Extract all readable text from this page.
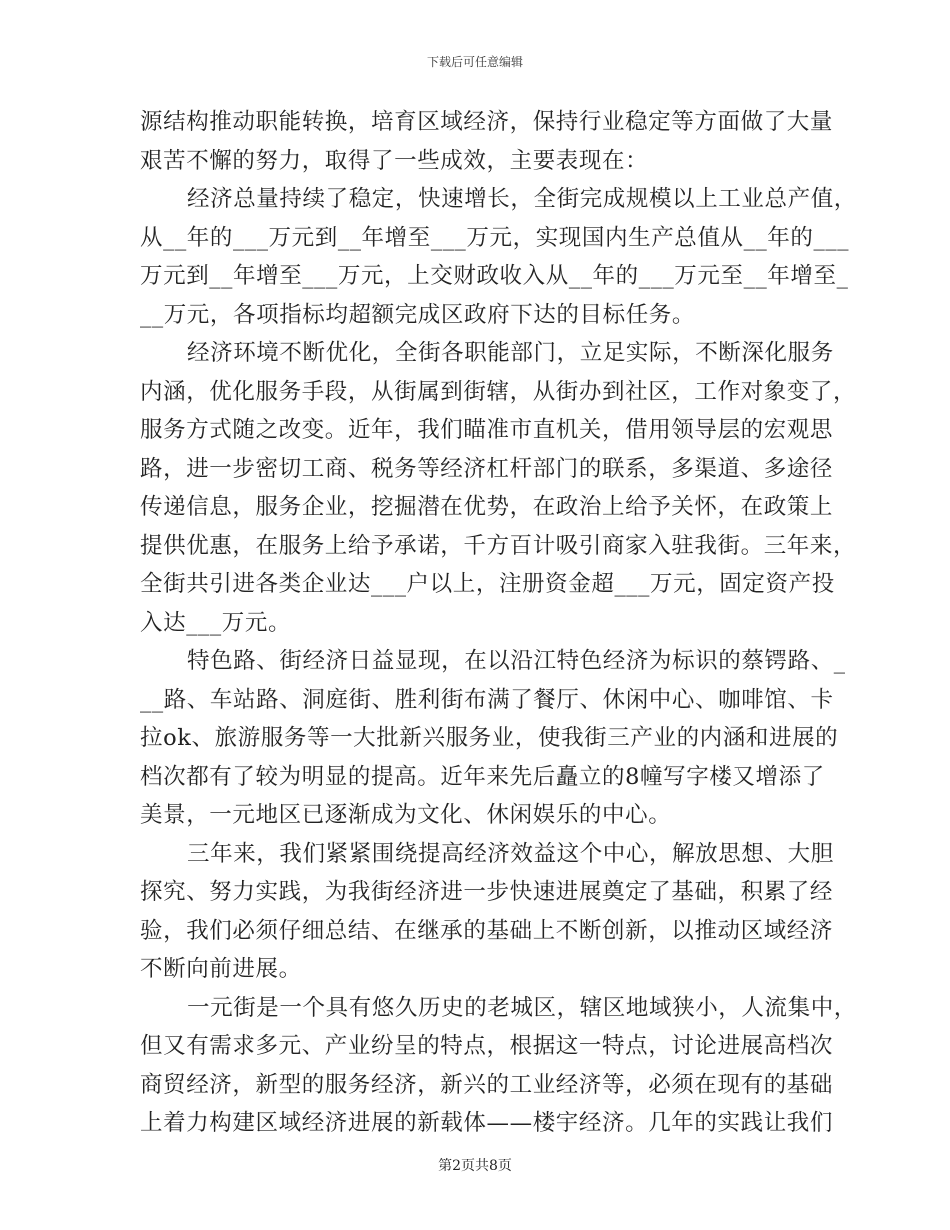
下载后可任意编辑
源结构推动职能转换，培育区域经济，保持行业稳定等方面做了大量
艰苦不懈的努力，取得了一些成效，主要表现在：
经济总量持续了稳定，快速增长，全街完成规模以上工业总产值，
从__年的___万元到__年增至___万元，实现国内生产总值从__年的___
万元到__年增至___万元，上交财政收入从__年的___万元至__年增至_
__万元，各项指标均超额完成区政府下达的目标任务。
经济环境不断优化，全街各职能部门，立足实际，不断深化服务
内涵，优化服务手段，从街属到街辖，从街办到社区，工作对象变了，
服务方式随之改变。近年，我们瞄准市直机关，借用领导层的宏观思
路，进一步密切工商、税务等经济杠杆部门的联系，多渠道、多途径
传递信息，服务企业，挖掘潜在优势，在政治上给予关怀，在政策上
提供优惠，在服务上给予承诺，千方百计吸引商家入驻我街。三年来，
全街共引进各类企业达___户以上，注册资金超___万元，固定资产投
入达___万元。
特色路、街经济日益显现，在以沿江特色经济为标识的蔡锷路、_
__路、车站路、洞庭街、胜利街布满了餐厅、休闲中心、咖啡馆、卡
拉ok、旅游服务等一大批新兴服务业，使我街三产业的内涵和进展的
档次都有了较为明显的提高。近年来先后矗立的8幢写字楼又增添了
美景，一元地区已逐渐成为文化、休闲娱乐的中心。
三年来，我们紧紧围绕提高经济效益这个中心，解放思想、大胆
探究、努力实践，为我街经济进一步快速进展奠定了基础，积累了经
验，我们必须仔细总结、在继承的基础上不断创新，以推动区域经济
不断向前进展。
一元街是一个具有悠久历史的老城区，辖区地域狭小，人流集中，
但又有需求多元、产业纷呈的特点，根据这一特点，讨论进展高档次
商贸经济，新型的服务经济，新兴的工业经济等，必须在现有的基础
上着力构建区域经济进展的新载体——楼宇经济。几年的实践让我们
第2页共8页
